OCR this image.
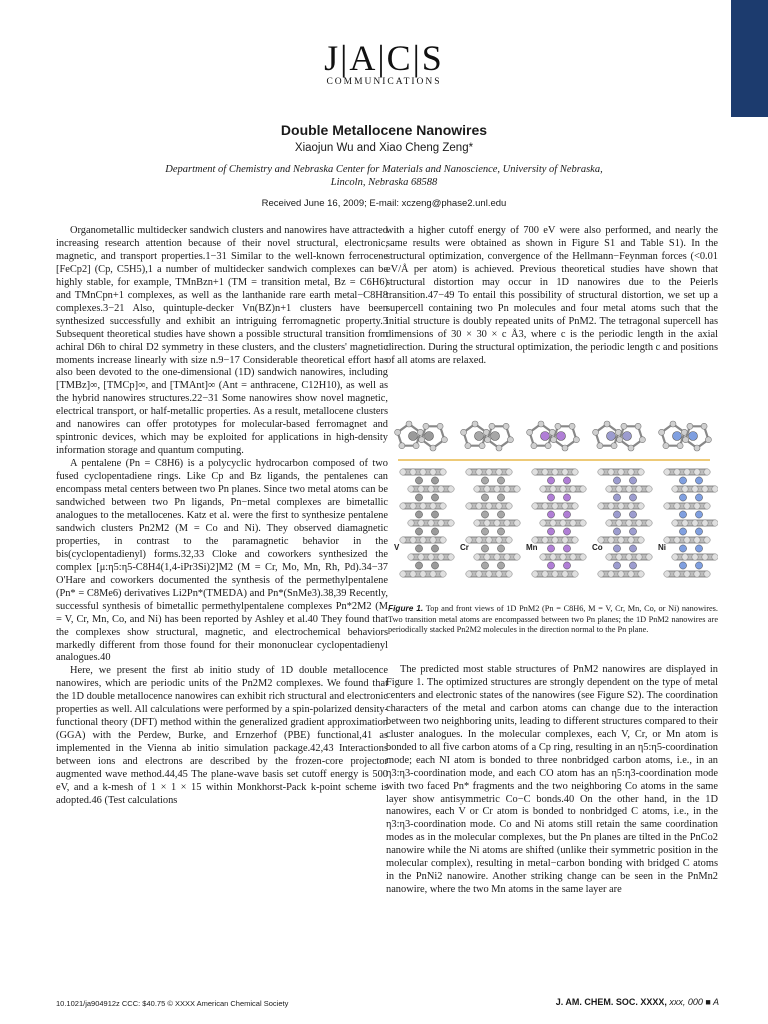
J|A|C|S
COMMUNICATIONS
Double Metallocene Nanowires
Xiaojun Wu and Xiao Cheng Zeng*
Department of Chemistry and Nebraska Center for Materials and Nanoscience, University of Nebraska, Lincoln, Nebraska 68588
Received June 16, 2009; E-mail: xczeng@phase2.unl.edu

Organometallic multidecker sandwich clusters and nanowires have attracted increasing research attention because of their novel structural, electronic, magnetic, and transport properties.1−31 Similar to the well-known ferrocene [FeCp2] (Cp, C5H5),1 a number of multidecker sandwich complexes can be highly stable, for example, TMnBzn+1 (TM = transition metal, Bz = C6H6) and TMnCpn+1 complexes, as well as the lanthanide rare earth metal−C8H8 complexes.3−21 Also, quintuple-decker Vn(BZ)n+1 clusters have been synthesized successfully and exhibit an intriguing ferromagnetic property.3 Subsequent theoretical studies have shown a possible structural transition from achiral D6h to chiral D2 symmetry in these clusters, and the clusters' magnetic moments increase linearly with size n.9−17 Considerable theoretical effort has also been devoted to the one-dimensional (1D) sandwich nanowires, including [TMBz]∞, [TMCp]∞, and [TMAnt]∞ (Ant = anthracene, C12H10), as well as the hybrid nanowires structures.22−31 Some nanowires show novel magnetic, electrical transport, or half-metallic properties. As a result, metallocene clusters and nanowires can offer prototypes for molecular-based ferromagnet and spintronic devices, which may be exploited for applications in high-density information storage and quantum computing.

A pentalene (Pn = C8H6) is a polycyclic hydrocarbon composed of two fused cyclopentadiene rings. Like Cp and Bz ligands, the pentalenes can encompass metal centers between two Pn planes. Since two metal atoms can be sandwiched between two Pn ligands, Pn−metal complexes are bimetallic analogues to the metallocenes. Katz et al. were the first to synthesize pentalene sandwich clusters Pn2M2 (M = Co and Ni). They observed diamagnetic properties, in contrast to the paramagnetic behavior in the bis(cyclopentadienyl) forms.32,33 Cloke and coworkers synthesized the complex [μ:η5:η5-C8H4(1,4-iPr3Si)2]M2 (M = Cr, Mo, Mn, Rh, Pd).34−37 O'Hare and coworkers documented the synthesis of the permethylpentalene (Pn* = C8Me6) derivatives Li2Pn*(TMEDA) and Pn*(SnMe3).38,39 Recently, successful synthesis of bimetallic permethylpentalene complexes Pn*2M2 (M = V, Cr, Mn, Co, and Ni) has been reported by Ashley et al.40 They found that the complexes show structural, magnetic, and electrochemical behaviors markedly different from those found for their mononuclear cyclopentadienyl analogues.40

Here, we present the first ab initio study of 1D double metallocence nanowires, which are periodic units of the Pn2M2 complexes. We found that the 1D double metallocence nanowires can exhibit rich structural and electronic properties as well. All calculations were performed by a spin-polarized density-functional theory (DFT) method within the generalized gradient approximation (GGA) with the Perdew, Burke, and Ernzerhof (PBE) functional,41 as implemented in the Vienna ab initio simulation package.42,43 Interactions between ions and electrons are described by the frozen-core projector augmented wave method.44,45 The plane-wave basis set cutoff energy is 500 eV, and a k-mesh of 1 × 1 × 15 within Monkhorst-Pack k-point scheme is adopted.46 (Test calculations

with a higher cutoff energy of 700 eV were also performed, and nearly the same results were obtained as shown in Figure S1 and Table S1). In the structural optimization, convergence of the Hellmann−Feynman forces (<0.01 eV/Å per atom) is achieved. Previous theoretical studies have shown that structural distortion may occur in 1D nanowires due to the Peierls transition.47−49 To entail this possibility of structural distortion, we set up a supercell containing two Pn molecules and four metal atoms such that the initial structure is doubly repeated units of PnM2. The tetragonal supercell has dimensions of 30 × 30 × c Å3, where c is the periodic length in the axial direction. During the structural optimization, the periodic length c and positions of all atoms are relaxed.

V	Cr	Mn	Co	Ni
Figure 1. Top and front views of 1D PnM2 (Pn = C8H6, M = V, Cr, Mn, Co, or Ni) nanowires. Two transition metal atoms are encompassed between two Pn planes; the 1D PnM2 nanowires are periodically stacked Pn2M2 molecules in the direction normal to the Pn plane.

The predicted most stable structures of PnM2 nanowires are displayed in Figure 1. The optimized structures are strongly dependent on the type of metal centers and electronic states of the nanowires (see Figure S2). The coordination characters of the metal and carbon atoms can change due to the interaction between two neighboring units, leading to different structures compared to their cluster analogues. In the molecular complexes, each V, Cr, or Mn atom is bonded to all five carbon atoms of a Cp ring, resulting in an η5:η5-coordination mode; each NI atom is bonded to three nonbridged carbon atoms, i.e., in an η3:η3-coordination mode, and each CO atom has an η5:η3-coordination mode with two faced Pn* fragments and the two neighboring Co atoms in the same layer show antisymmetric Co−C bonds.40 On the other hand, in the 1D nanowires, each V or Cr atom is bonded to nonbridged C atoms, i.e., in the η3:η3-coordination mode. Co and Ni atoms still retain the same coordination modes as in the molecular complexes, but the Pn planes are tilted in the PnCo2 nanowire while the Ni atoms are shifted (unlike their symmetric position in the molecular complex), resulting in metal−carbon bonding with bridged C atoms in the PnNi2 nanowire. Another striking change can be seen in the PnMn2 nanowire, where the two Mn atoms in the same layer are

10.1021/ja904912z CCC: $40.75 © XXXX American Chemical Society	J. AM. CHEM. SOC. XXXX, xxx, 000 ■ A
